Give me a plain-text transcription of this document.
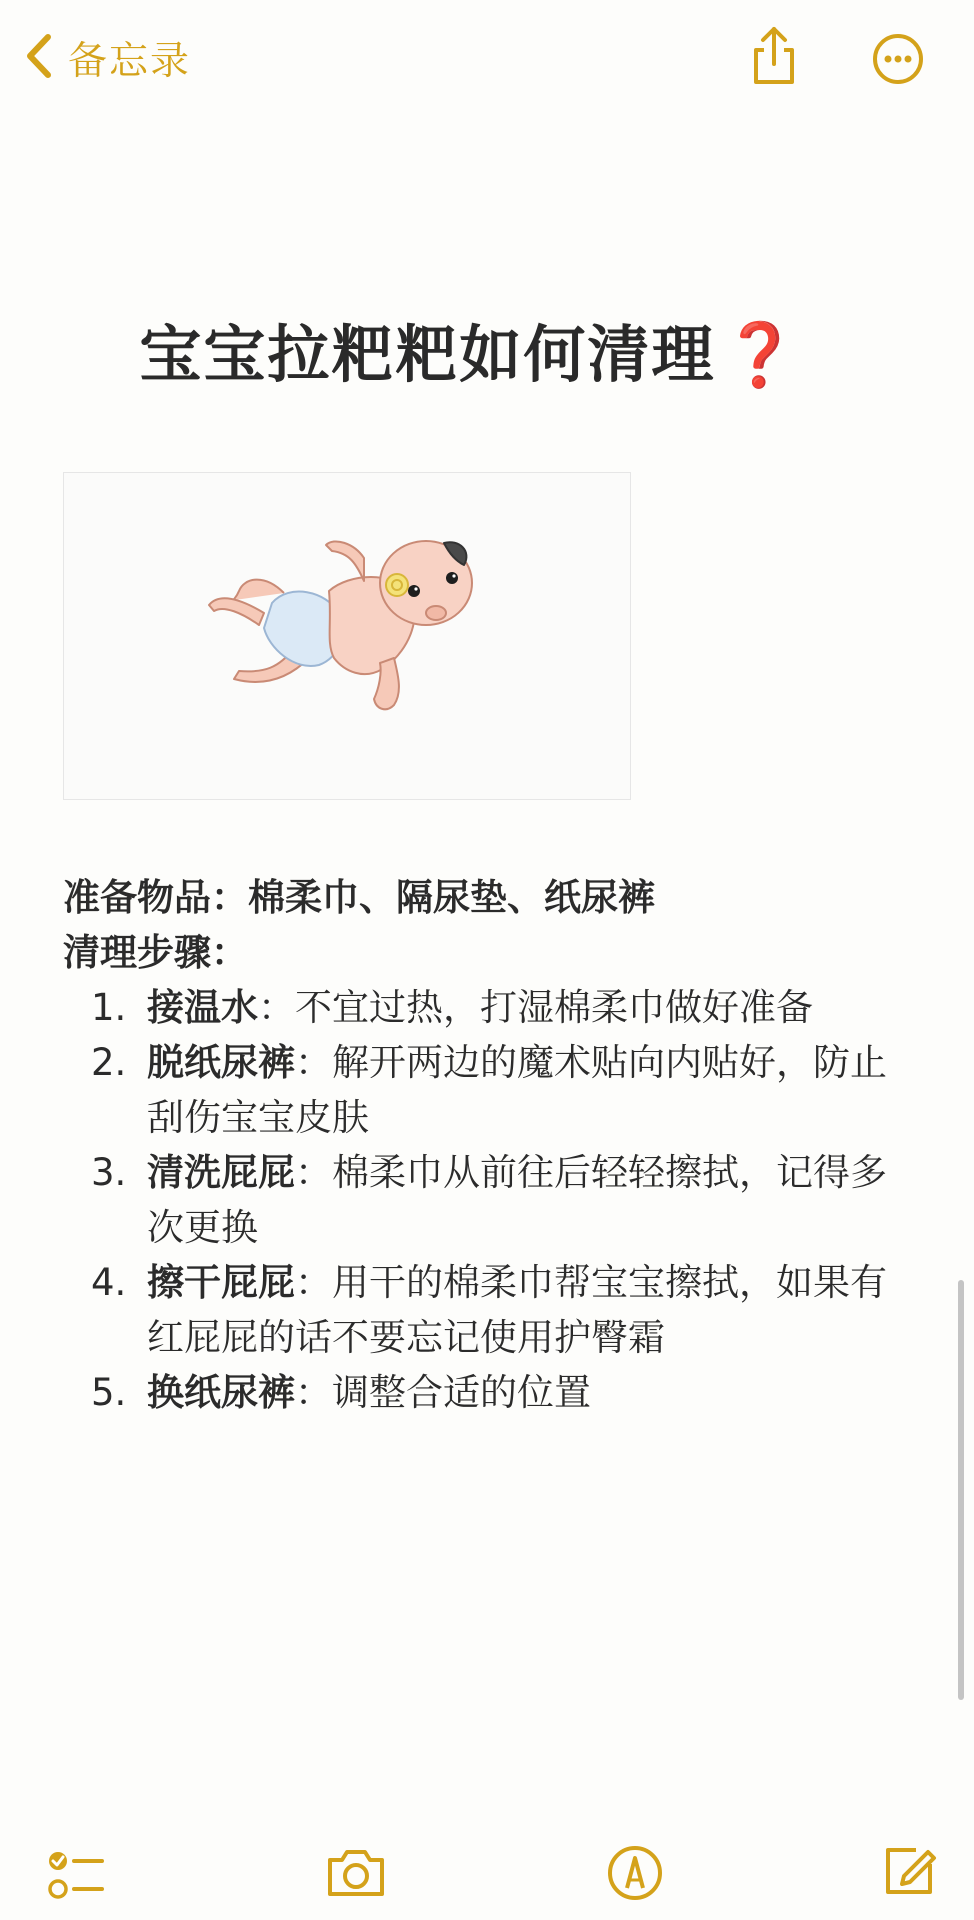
备忘录
宝宝拉粑粑如何清理❓
准备物品：棉柔巾、隔尿垫、纸尿裤
清理步骤：
1. 接温水：不宜过热，打湿棉柔巾做好准备
2. 脱纸尿裤：解开两边的魔术贴向内贴好，防止刮伤宝宝皮肤
3. 清洗屁屁：棉柔巾从前往后轻轻擦拭，记得多次更换
4. 擦干屁屁：用干的棉柔巾帮宝宝擦拭，如果有红屁屁的话不要忘记使用护臀霜
5. 换纸尿裤：调整合适的位置
